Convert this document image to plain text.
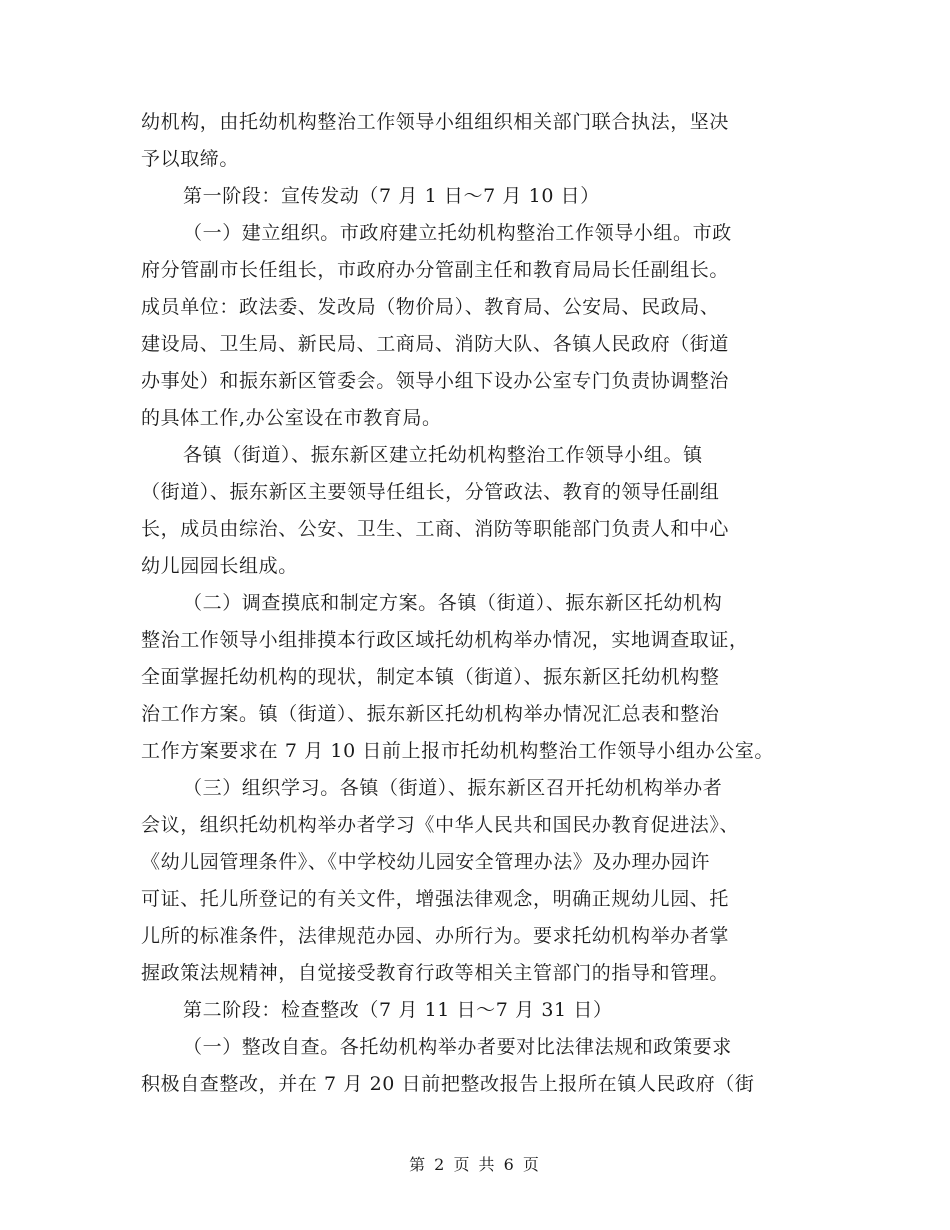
幼机构，由托幼机构整治工作领导小组组织相关部门联合执法，坚决
予以取缔。
第一阶段：宣传发动（7 月 1 日～7 月 10 日）
（一）建立组织。市政府建立托幼机构整治工作领导小组。市政
府分管副市长任组长，市政府办分管副主任和教育局局长任副组长。
成员单位：政法委、发改局（物价局）、教育局、公安局、民政局、
建设局、卫生局、新民局、工商局、消防大队、各镇人民政府（街道
办事处）和振东新区管委会。领导小组下设办公室专门负责协调整治
的具体工作,办公室设在市教育局。
各镇（街道）、振东新区建立托幼机构整治工作领导小组。镇
（街道）、振东新区主要领导任组长，分管政法、教育的领导任副组
长，成员由综治、公安、卫生、工商、消防等职能部门负责人和中心
幼儿园园长组成。
（二）调查摸底和制定方案。各镇（街道）、振东新区托幼机构
整治工作领导小组排摸本行政区域托幼机构举办情况，实地调查取证，
全面掌握托幼机构的现状，制定本镇（街道）、振东新区托幼机构整
治工作方案。镇（街道）、振东新区托幼机构举办情况汇总表和整治
工作方案要求在 7 月 10 日前上报市托幼机构整治工作领导小组办公室。
（三）组织学习。各镇（街道）、振东新区召开托幼机构举办者
会议，组织托幼机构举办者学习《中华人民共和国民办教育促进法》、
《幼儿园管理条件》、《中学校幼儿园安全管理办法》及办理办园许
可证、托儿所登记的有关文件，增强法律观念，明确正规幼儿园、托
儿所的标准条件，法律规范办园、办所行为。要求托幼机构举办者掌
握政策法规精神，自觉接受教育行政等相关主管部门的指导和管理。
第二阶段：检查整改（7 月 11 日～7 月 31 日）
（一）整改自查。各托幼机构举办者要对比法律法规和政策要求
积极自查整改，并在 7 月 20 日前把整改报告上报所在镇人民政府（街
第 2 页 共 6 页
